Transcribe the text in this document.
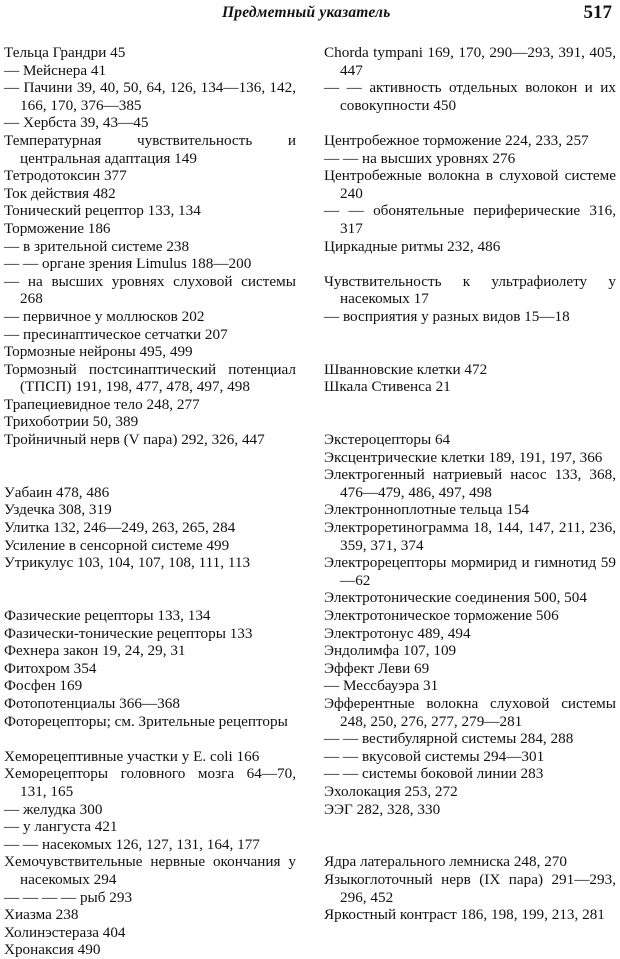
Предметный указатель	517
Тельца Грандри 45
— Мейснера 41
— Пачини 39, 40, 50, 64, 126, 134—136, 142, 166, 170, 376—385
— Хербста 39, 43—45
Температурная чувствительность и центральная адаптация 149
Тетродотоксин 377
Ток действия 482
Тонический рецептор 133, 134
Торможение 186
— в зрительной системе 238
— — органе зрения Limulus 188—200
— на высших уровнях слуховой системы 268
— первичное у моллюсков 202
— пресинаптическое сетчатки 207
Тормозные нейроны 495, 499
Тормозный постсинаптический потенциал (ТПСП) 191, 198, 477, 478, 497, 498
Трапециевидное тело 248, 277
Трихоботрии 50, 389
Тройничный нерв (V пара) 292, 326, 447
Уабаин 478, 486
Уздечка 308, 319
Улитка 132, 246—249, 263, 265, 284
Усиление в сенсорной системе 499
Утрикулус 103, 104, 107, 108, 111, 113
Фазические рецепторы 133, 134
Фазически-тонические рецепторы 133
Фехнера закон 19, 24, 29, 31
Фитохром 354
Фосфен 169
Фотопотенциалы 366—368
Фоторецепторы; см. Зрительные рецепторы
Хеморецептивные участки у E. coli 166
Хеморецепторы головного мозга 64—70, 131, 165
— желудка 300
— у лангуста 421
— — насекомых 126, 127, 131, 164, 177
Хемочувствительные нервные окончания у насекомых 294
— — — — рыб 293
Хиазма 238
Холинэстераза 404
Хронаксия 490
Chorda tympani 169, 170, 290—293, 391, 405, 447
— — активность отдельных волокон и их совокупности 450
Центробежное торможение 224, 233, 257
— — на высших уровнях 276
Центробежные волокна в слуховой системе 240
— — обонятельные периферические 316, 317
Циркадные ритмы 232, 486
Чувствительность к ультрафиолету у насекомых 17
— восприятия у разных видов 15—18
Шванновские клетки 472
Шкала Стивенса 21
Экстероцепторы 64
Эксцентрические клетки 189, 191, 197, 366
Электрогенный натриевый насос 133, 368, 476—479, 486, 497, 498
Электронноплотные тельца 154
Электроретинограмма 18, 144, 147, 211, 236, 359, 371, 374
Электрорецепторы мормирид и гимнотид 59—62
Электротонические соединения 500, 504
Электротоническое торможение 506
Электротонус 489, 494
Эндолимфа 107, 109
Эффект Леви 69
— Мессбауэра 31
Эфферентные волокна слуховой системы 248, 250, 276, 277, 279—281
— — вестибулярной системы 284, 288
— — вкусовой системы 294—301
— — системы боковой линии 283
Эхолокация 253, 272
ЭЭГ 282, 328, 330
Ядра латерального лемниска 248, 270
Языкоглоточный нерв (IX пара) 291—293, 296, 452
Яркостный контраст 186, 198, 199, 213, 281
